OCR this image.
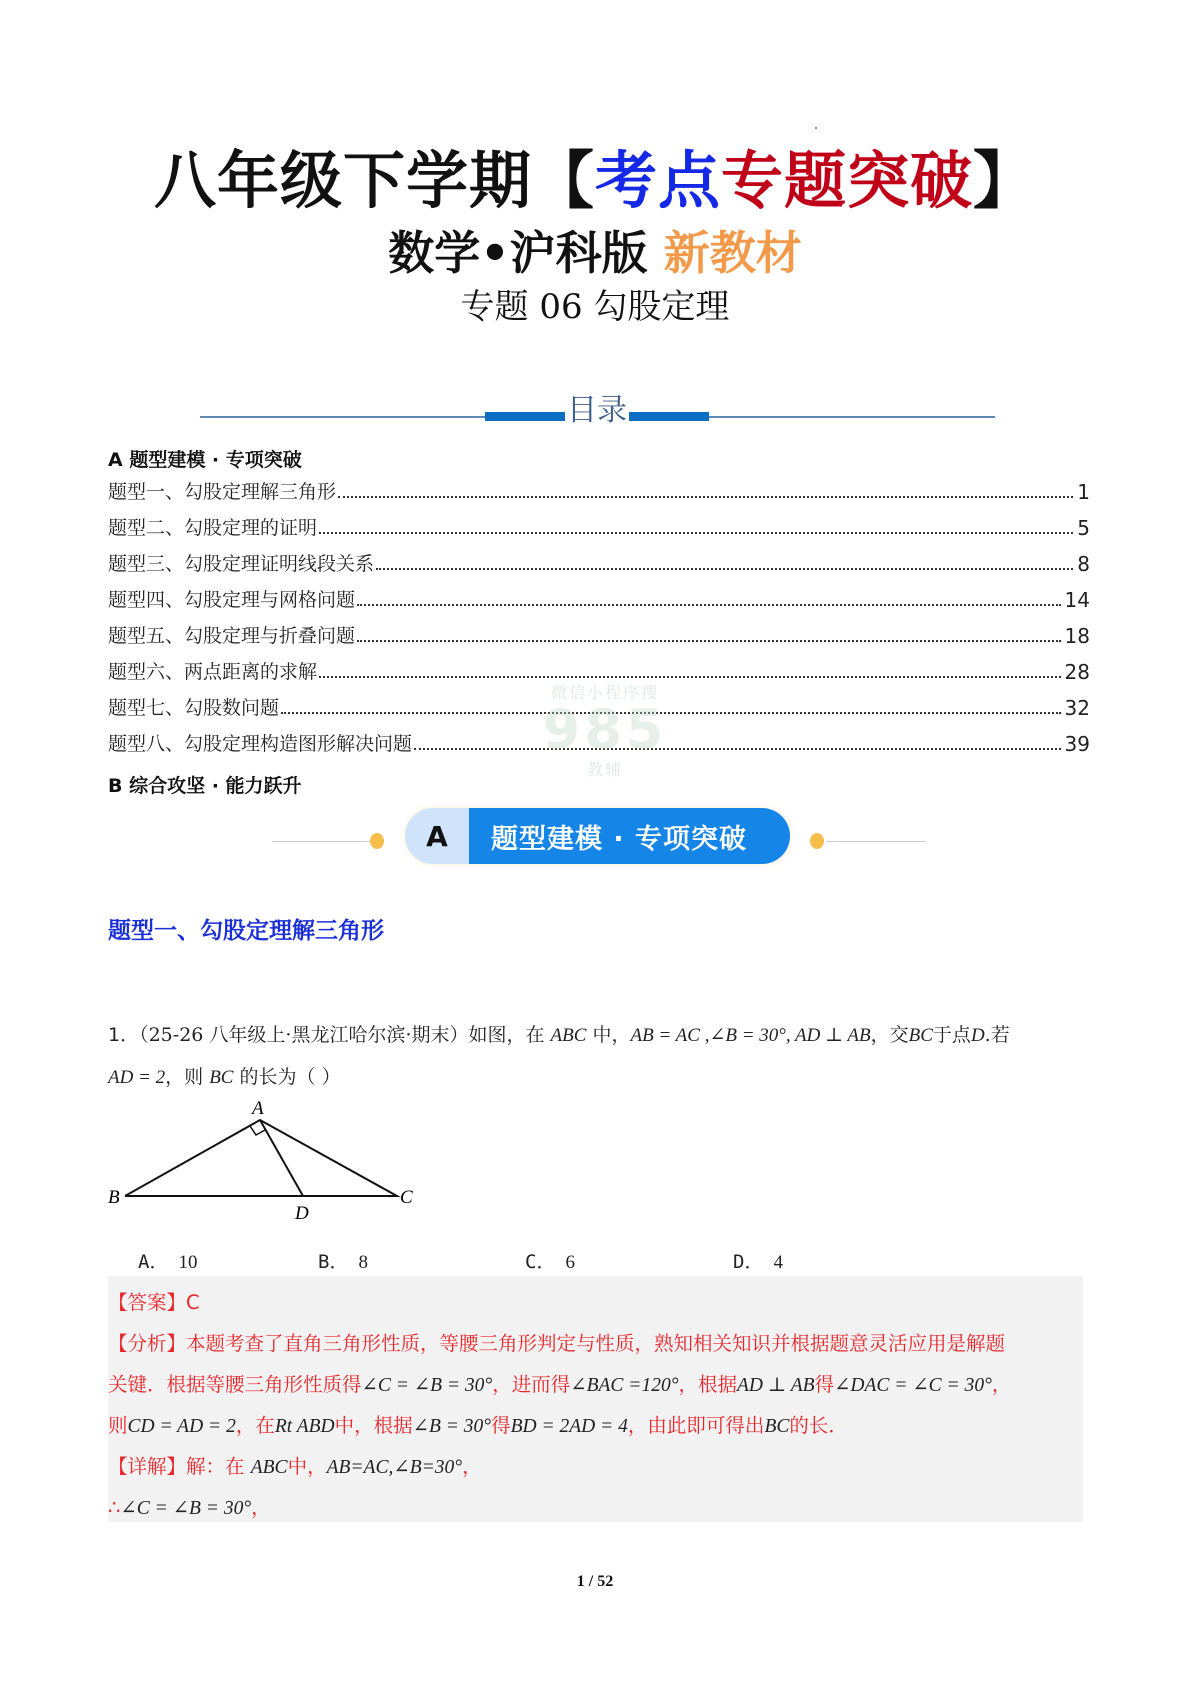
八年级下学期【考点专题突破】
数学•沪科版 新教材
专题 06 勾股定理
目录
A 题型建模 · 专项突破
题型一、勾股定理解三角形	1
题型二、勾股定理的证明	5
题型三、勾股定理证明线段关系	8
题型四、勾股定理与网格问题	14
题型五、勾股定理与折叠问题	18
题型六、两点距离的求解	28
题型七、勾股数问题	32
题型八、勾股定理构造图形解决问题	39
B 综合攻坚 · 能力跃升
微信小程序搜
985
教辅
A	题型建模 · 专项突破
题型一、勾股定理解三角形
1．（25-26 八年级上·黑龙江哈尔滨·期末）如图，在 ABC 中，AB = AC ,∠B = 30°, AD ⊥ AB，交BC于点D.若
AD = 2，则 BC 的长为（ ）
A
B	C
D
A． 10	B． 8	C． 6	D． 4
【答案】C
【分析】本题考查了直角三角形性质，等腰三角形判定与性质，熟知相关知识并根据题意灵活应用是解题
关键．根据等腰三角形性质得∠C = ∠B = 30°，进而得∠BAC =120°，根据AD ⊥ AB得∠DAC = ∠C = 30°，
则CD = AD = 2，在Rt ABD中，根据∠B = 30°得BD = 2AD = 4，由此即可得出BC的长．
【详解】解：在 ABC中，AB=AC,∠B=30°，
∴∠C = ∠B = 30°，
1 / 52
